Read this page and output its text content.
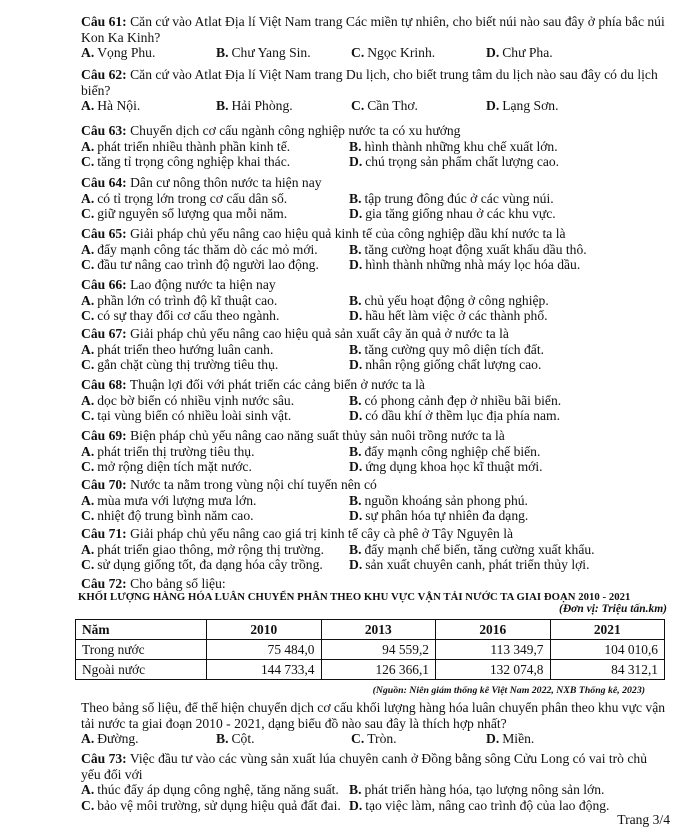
Câu 61: Căn cứ vào Atlat Địa lí Việt Nam trang Các miền tự nhiên, cho biết núi nào sau đây ở phía bắc núi Kon Ka Kinh?
A. Vọng Phu.	B. Chư Yang Sin.	C. Ngọc Krinh.	D. Chư Pha.
Câu 62: Căn cứ vào Atlat Địa lí Việt Nam trang Du lịch, cho biết trung tâm du lịch nào sau đây có du lịch biển?
A. Hà Nội.	B. Hải Phòng.	C. Cần Thơ.	D. Lạng Sơn.
Câu 63: Chuyển dịch cơ cấu ngành công nghiệp nước ta có xu hướng
A. phát triển nhiều thành phần kinh tế.	B. hình thành những khu chế xuất lớn.
C. tăng tỉ trọng công nghiệp khai thác.	D. chú trọng sản phẩm chất lượng cao.
Câu 64: Dân cư nông thôn nước ta hiện nay
A. có tỉ trọng lớn trong cơ cấu dân số.	B. tập trung đông đúc ở các vùng núi.
C. giữ nguyên số lượng qua mỗi năm.	D. gia tăng giống nhau ở các khu vực.
Câu 65: Giải pháp chủ yếu nâng cao hiệu quả kinh tế của công nghiệp dầu khí nước ta là
A. đẩy mạnh công tác thăm dò các mỏ mới.	B. tăng cường hoạt động xuất khẩu dầu thô.
C. đầu tư nâng cao trình độ người lao động.	D. hình thành những nhà máy lọc hóa dầu.
Câu 66: Lao động nước ta hiện nay
A. phần lớn có trình độ kĩ thuật cao.	B. chủ yếu hoạt động ở công nghiệp.
C. có sự thay đổi cơ cấu theo ngành.	D. hầu hết làm việc ở các thành phố.
Câu 67: Giải pháp chủ yếu nâng cao hiệu quả sản xuất cây ăn quả ở nước ta là
A. phát triển theo hướng luân canh.	B. tăng cường quy mô diện tích đất.
C. gắn chặt cùng thị trường tiêu thụ.	D. nhân rộng giống chất lượng cao.
Câu 68: Thuận lợi đối với phát triển các cảng biển ở nước ta là
A. dọc bờ biển có nhiều vịnh nước sâu.	B. có phong cảnh đẹp ở nhiều bãi biển.
C. tại vùng biển có nhiều loài sinh vật.	D. có dầu khí ở thềm lục địa phía nam.
Câu 69: Biện pháp chủ yếu nâng cao năng suất thủy sản nuôi trồng nước ta là
A. phát triển thị trường tiêu thụ.	B. đẩy mạnh công nghiệp chế biến.
C. mở rộng diện tích mặt nước.	D. ứng dụng khoa học kĩ thuật mới.
Câu 70: Nước ta nằm trong vùng nội chí tuyến nên có
A. mùa mưa với lượng mưa lớn.	B. nguồn khoáng sản phong phú.
C. nhiệt độ trung bình năm cao.	D. sự phân hóa tự nhiên đa dạng.
Câu 71: Giải pháp chủ yếu nâng cao giá trị kinh tế cây cà phê ở Tây Nguyên là
A. phát triển giao thông, mở rộng thị trường.	B. đẩy mạnh chế biến, tăng cường xuất khẩu.
C. sử dụng giống tốt, đa dạng hóa cây trồng.	D. sản xuất chuyên canh, phát triển thủy lợi.
Câu 72: Cho bảng số liệu:
KHỐI LƯỢNG HÀNG HÓA LUÂN CHUYỂN PHÂN THEO KHU VỰC VẬN TẢI NƯỚC TA GIAI ĐOẠN 2010 - 2021
(Đơn vị: Triệu tấn.km)
Năm	2010	2013	2016	2021
Trong nước	75 484,0	94 559,2	113 349,7	104 010,6
Ngoài nước	144 733,4	126 366,1	132 074,8	84 312,1
(Nguồn: Niên giám thống kê Việt Nam 2022, NXB Thống kê, 2023)
Theo bảng số liệu, để thể hiện chuyển dịch cơ cấu khối lượng hàng hóa luân chuyển phân theo khu vực vận tải nước ta giai đoạn 2010 - 2021, dạng biểu đồ nào sau đây là thích hợp nhất?
A. Đường.	B. Cột.	C. Tròn.	D. Miền.
Câu 73: Việc đầu tư vào các vùng sản xuất lúa chuyên canh ở Đồng bằng sông Cửu Long có vai trò chủ yếu đối với
A. thúc đẩy áp dụng công nghệ, tăng năng suất. B. phát triển hàng hóa, tạo lượng nông sản lớn.
C. bảo vệ môi trường, sử dụng hiệu quả đất đai. D. tạo việc làm, nâng cao trình độ của lao động.
Trang 3/4
